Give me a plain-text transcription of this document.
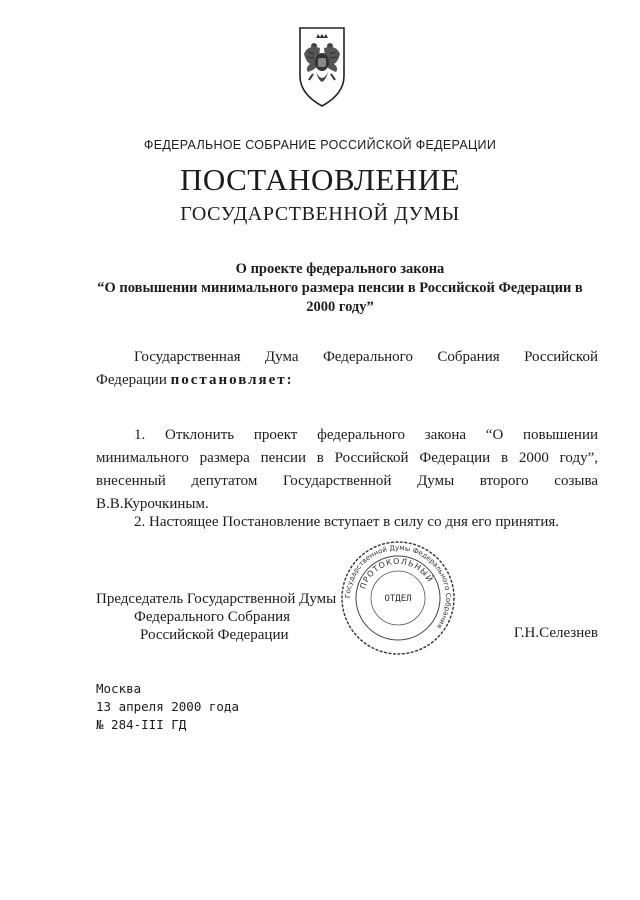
ФЕДЕРАЛЬНОЕ СОБРАНИЕ РОССИЙСКОЙ ФЕДЕРАЦИИ
ПОСТАНОВЛЕНИЕ
ГОСУДАРСТВЕННОЙ ДУМЫ
О проекте федерального закона
“О повышении минимального размера пенсии в Российской Федерации в
2000 году”
Государственная Дума Федерального Собрания Российской
Федерации постановляет:
1. Отклонить проект федерального закона “О повышении
минимального размера пенсии в Российской Федерации в 2000 году”,
внесенный депутатом Государственной Думы второго созыва
В.В.Курочкиным.
2. Настоящее Постановление вступает в силу со дня его принятия.
Государственной Думы Федерального Собрания
ПРОТОКОЛЬНЫЙ
ОТДЕЛ
Председатель Государственной Думы
Федерального Собрания
Российской Федерации	Г.Н.Селезнев
Москва
13 апреля 2000 года
№ 284-III ГД
